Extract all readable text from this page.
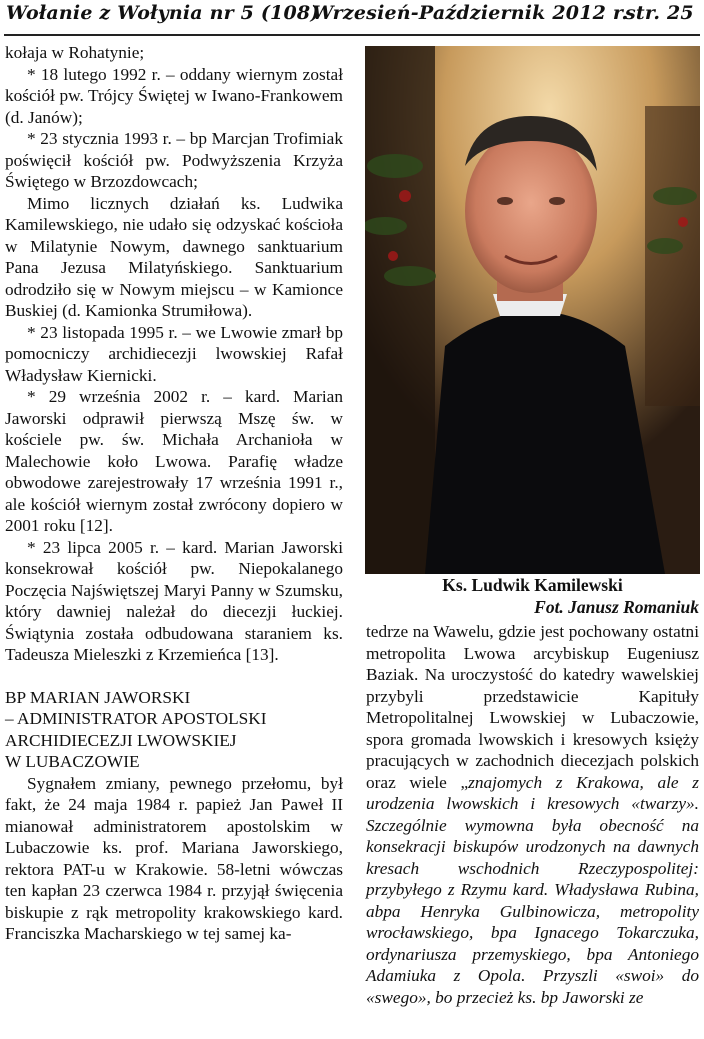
Wołanie z Wołynia nr 5 (108)
Wrzesień-Październik 2012 r.
str. 25

kołaja w Rohatynie;

* 18 lutego 1992 r. – oddany wiernym został kościół pw. Trójcy Świętej w Iwano-Frankowem (d. Janów);

* 23 stycznia 1993 r. – bp Marcjan Trofimiak poświęcił kościół pw. Podwyższenia Krzyża Świętego w Brzozdowcach;

Mimo licznych działań ks. Ludwika Kamilewskiego, nie udało się odzyskać kościoła w Milatynie Nowym, dawnego sanktuarium Pana Jezusa Milatyńskiego. Sanktuarium odrodziło się w Nowym miejscu – w Kamionce Buskiej (d. Kamionka Strumiłowa).

* 23 listopada 1995 r. – we Lwowie zmarł bp pomocniczy archidiecezji lwowskiej Rafał Władysław Kiernicki.

* 29 września 2002 r. – kard. Marian Jaworski odprawił pierwszą Mszę św. w kościele pw. św. Michała Archanioła w Malechowie koło Lwowa. Parafię władze obwodowe zarejestrowały 17 września 1991 r., ale kościół wiernym został zwrócony dopiero w 2001 roku [12].

* 23 lipca 2005 r. – kard. Marian Jaworski konsekrował kościół pw. Niepokalanego Poczęcia Najświętszej Maryi Panny w Szumsku, który dawniej należał do diecezji łuckiej. Świątynia została odbudowana staraniem ks. Tadeusza Mieleszki z Krzemieńca [13].

BP MARIAN JAWORSKI

– ADMINISTRATOR APOSTOLSKI

ARCHIDIECEZJI LWOWSKIEJ

W LUBACZOWIE

Sygnałem zmiany, pewnego przełomu, był fakt, że 24 maja 1984 r. papież Jan Paweł II mianował administratorem apostolskim w Lubaczowie ks. prof. Mariana Jaworskiego, rektora PAT-u w Krakowie. 58-letni wówczas ten kapłan 23 czerwca 1984 r. przyjął święcenia biskupie z rąk metropolity krakowskiego kard. Franciszka Macharskiego w tej samej ka-

Ks. Ludwik Kamilewski
Fot. Janusz Romaniuk

tedrze na Wawelu, gdzie jest pochowany ostatni metropolita Lwowa arcybiskup Eugeniusz Baziak. Na uroczystość do katedry wawelskiej przybyli przedstawicie Kapituły Metropolitalnej Lwowskiej w Lubaczowie, spora gromada lwowskich i kresowych księży pracujących w zachodnich diecezjach polskich oraz wiele „znajomych z Krakowa, ale z urodzenia lwowskich i kresowych «twarzy». Szczególnie wymowna była obecność na konsekracji biskupów urodzonych na dawnych kresach wschodnich Rzeczypospolitej: przybyłego z Rzymu kard. Władysława Rubina, abpa Henryka Gulbinowicza, metropolity wrocławskiego, bpa Ignacego Tokarczuka, ordynariusza przemyskiego, bpa Antoniego Adamiuka z Opola. Przyszli «swoi» do «swego», bo przecież ks. bp Jaworski ze
